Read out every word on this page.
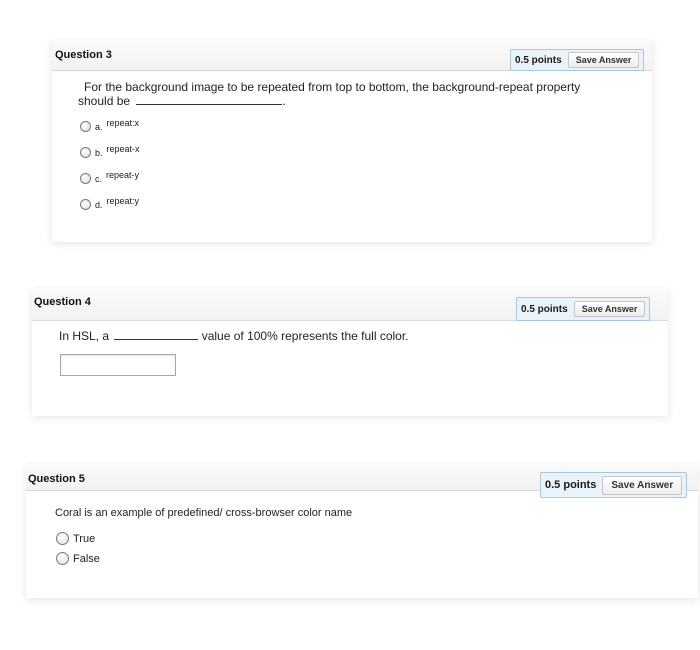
Question 3	0.5 points	Save Answer
For the background image to be repeated from top to bottom, the background-repeat property
should be	.
a. repeat:x
b. repeat-x
c. repeat-y
d. repeat:y
Question 4
0.5 points	Save Answer
In HSL, a	value of 100% represents the full color.
Question 5	0.5 points	Save Answer
Coral is an example of predefined/ cross-browser color name
True
False
